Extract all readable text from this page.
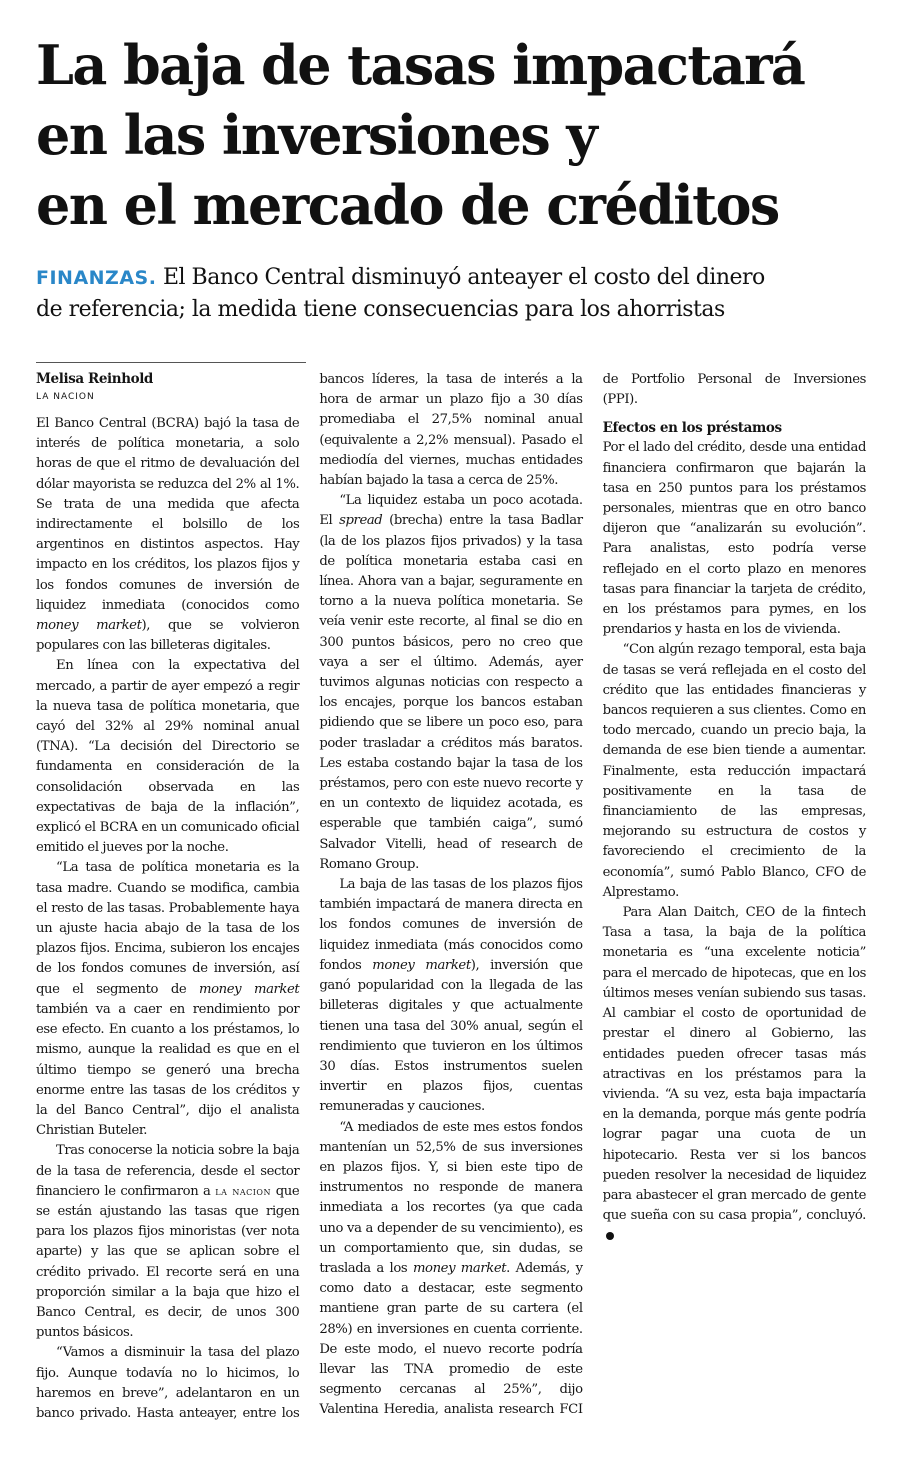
La baja de tasas impactará
en las inversiones y
en el mercado de créditos
FINANZAS. El Banco Central disminuyó anteayer el costo del dinero
de referencia; la medida tiene consecuencias para los ahorristas

Melisa Reinhold

LA NACION

El Banco Central (BCRA) bajó la tasa de interés de política monetaria, a solo horas de que el ritmo de devaluación del dólar mayorista se reduzca del 2% al 1%. Se trata de una medida que afecta indirectamente el bolsillo de los argentinos en distintos aspectos. Hay impacto en los créditos, los plazos fijos y los fondos comunes de inversión de liquidez inmediata (conocidos como money market), que se volvieron populares con las billeteras digitales.

En línea con la expectativa del mercado, a partir de ayer empezó a regir la nueva tasa de política monetaria, que cayó del 32% al 29% nominal anual (TNA). “La decisión del Directorio se fundamenta en consideración de la consolidación observada en las expectativas de baja de la inflación”, explicó el BCRA en un comunicado oficial emitido el jueves por la noche.

“La tasa de política monetaria es la tasa madre. Cuando se modifica, cambia el resto de las tasas. Probablemente haya un ajuste hacia abajo de la tasa de los plazos fijos. Encima, subieron los encajes de los fondos comunes de inversión, así que el segmento de money market también va a caer en rendimiento por ese efecto. En cuanto a los préstamos, lo mismo, aunque la realidad es que en el último tiempo se generó una brecha enorme entre las tasas de los créditos y la del Banco Central”, dijo el analista Christian Buteler.

Tras conocerse la noticia sobre la baja de la tasa de referencia, desde el sector financiero le confirmaron a la nacion que se están ajustando las tasas que rigen para los plazos fijos minoristas (ver nota aparte) y las que se aplican sobre el crédito privado. El recorte será en una proporción similar a la baja que hizo el Banco Central, es decir, de unos 300 puntos básicos.

“Vamos a disminuir la tasa del plazo fijo. Aunque todavía no lo hicimos, lo haremos en breve”, adelantaron en un banco privado. Hasta anteayer, entre los bancos líderes, la tasa de interés a la hora de armar un plazo fijo a 30 días promediaba el 27,5% nominal anual (equivalente a 2,2% mensual). Pasado el mediodía del viernes, muchas entidades habían bajado la tasa a cerca de 25%.

“La liquidez estaba un poco acotada. El spread (brecha) entre la tasa Badlar (la de los plazos fijos privados) y la tasa de política monetaria estaba casi en línea. Ahora van a bajar, seguramente en torno a la nueva política monetaria. Se veía venir este recorte, al final se dio en 300 puntos básicos, pero no creo que vaya a ser el último. Además, ayer tuvimos algunas noticias con respecto a los encajes, porque los bancos estaban pidiendo que se libere un poco eso, para poder trasladar a créditos más baratos. Les estaba costando bajar la tasa de los préstamos, pero con este nuevo recorte y en un contexto de liquidez acotada, es esperable que también caiga”, sumó Salvador Vitelli, head of research de Romano Group.

La baja de las tasas de los plazos fijos también impactará de manera directa en los fondos comunes de inversión de liquidez inmediata (más conocidos como fondos money market), inversión que ganó popularidad con la llegada de las billeteras digitales y que actualmente tienen una tasa del 30% anual, según el rendimiento que tuvieron en los últimos 30 días. Estos instrumentos suelen invertir en plazos fijos, cuentas remuneradas y cauciones.

“A mediados de este mes estos fondos mantenían un 52,5% de sus inversiones en plazos fijos. Y, si bien este tipo de instrumentos no responde de manera inmediata a los recortes (ya que cada uno va a depender de su vencimiento), es un comportamiento que, sin dudas, se traslada a los money market. Además, y como dato a destacar, este segmento mantiene gran parte de su cartera (el 28%) en inversiones en cuenta corriente. De este modo, el nuevo recorte podría llevar las TNA promedio de este segmento cercanas al 25%”, dijo Valentina Heredia, analista research FCI de Portfolio Personal de Inversiones (PPI).

Efectos en los préstamos

Por el lado del crédito, desde una entidad financiera confirmaron que bajarán la tasa en 250 puntos para los préstamos personales, mientras que en otro banco dijeron que “analizarán su evolución”. Para analistas, esto podría verse reflejado en el corto plazo en menores tasas para financiar la tarjeta de crédito, en los préstamos para pymes, en los prendarios y hasta en los de vivienda.

“Con algún rezago temporal, esta baja de tasas se verá reflejada en el costo del crédito que las entidades financieras y bancos requieren a sus clientes. Como en todo mercado, cuando un precio baja, la demanda de ese bien tiende a aumentar. Finalmente, esta reducción impactará positivamente en la tasa de financiamiento de las empresas, mejorando su estructura de costos y favoreciendo el crecimiento de la economía”, sumó Pablo Blanco, CFO de Alprestamo.

Para Alan Daitch, CEO de la fintech Tasa a tasa, la baja de la política monetaria es “una excelente noticia” para el mercado de hipotecas, que en los últimos meses venían subiendo sus tasas. Al cambiar el costo de oportunidad de prestar el dinero al Gobierno, las entidades pueden ofrecer tasas más atractivas en los préstamos para la vivienda. “A su vez, esta baja impactaría en la demanda, porque más gente podría lograr pagar una cuota de un hipotecario. Resta ver si los bancos pueden resolver la necesidad de liquidez para abastecer el gran mercado de gente que sueña con su casa propia”, concluyó.
